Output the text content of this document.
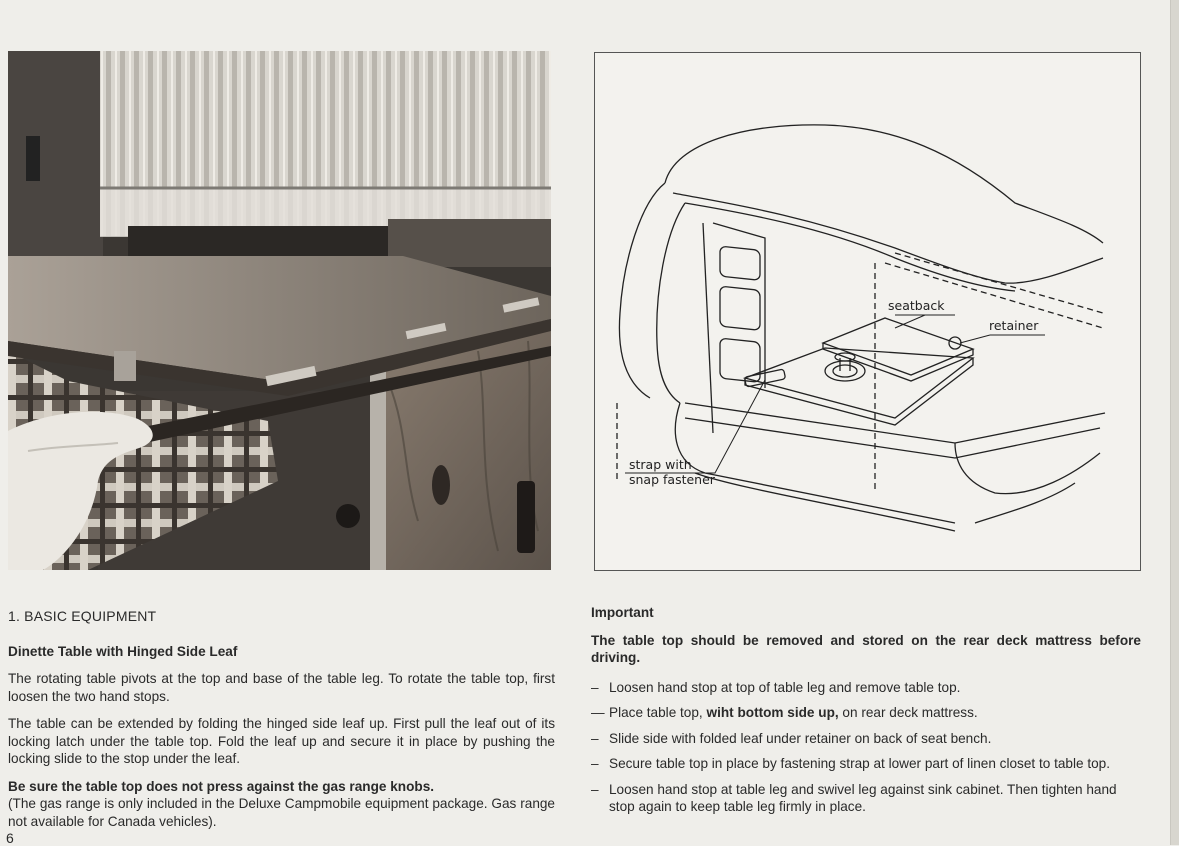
seatback
retainer
strap with
snap fastener

1. BASIC EQUIPMENT

Dinette Table with Hinged Side Leaf

The rotating table pivots at the top and base of the table leg. To rotate the table top, first loosen the two hand stops.

The table can be extended by folding the hinged side leaf up. First pull the leaf out of its locking latch under the table top. Fold the leaf up and secure it in place by pushing the locking slide to the stop under the leaf.

Be sure the table top does not press against the gas range knobs.

(The gas range is only included in the Deluxe Campmobile equipment package. Gas range not available for Canada vehicles).

Important

The table top should be removed and stored on the rear deck mattress before driving.

– Loosen hand stop at top of table leg and remove table top.
— Place table top, wiht bottom side up, on rear deck mattress.
– Slide side with folded leaf under retainer on back of seat bench.
– Secure table top in place by fastening strap at lower part of linen closet to table top.
– Loosen hand stop at table leg and swivel leg against sink cabinet. Then tighten hand stop again to keep table leg firmly in place.
6
